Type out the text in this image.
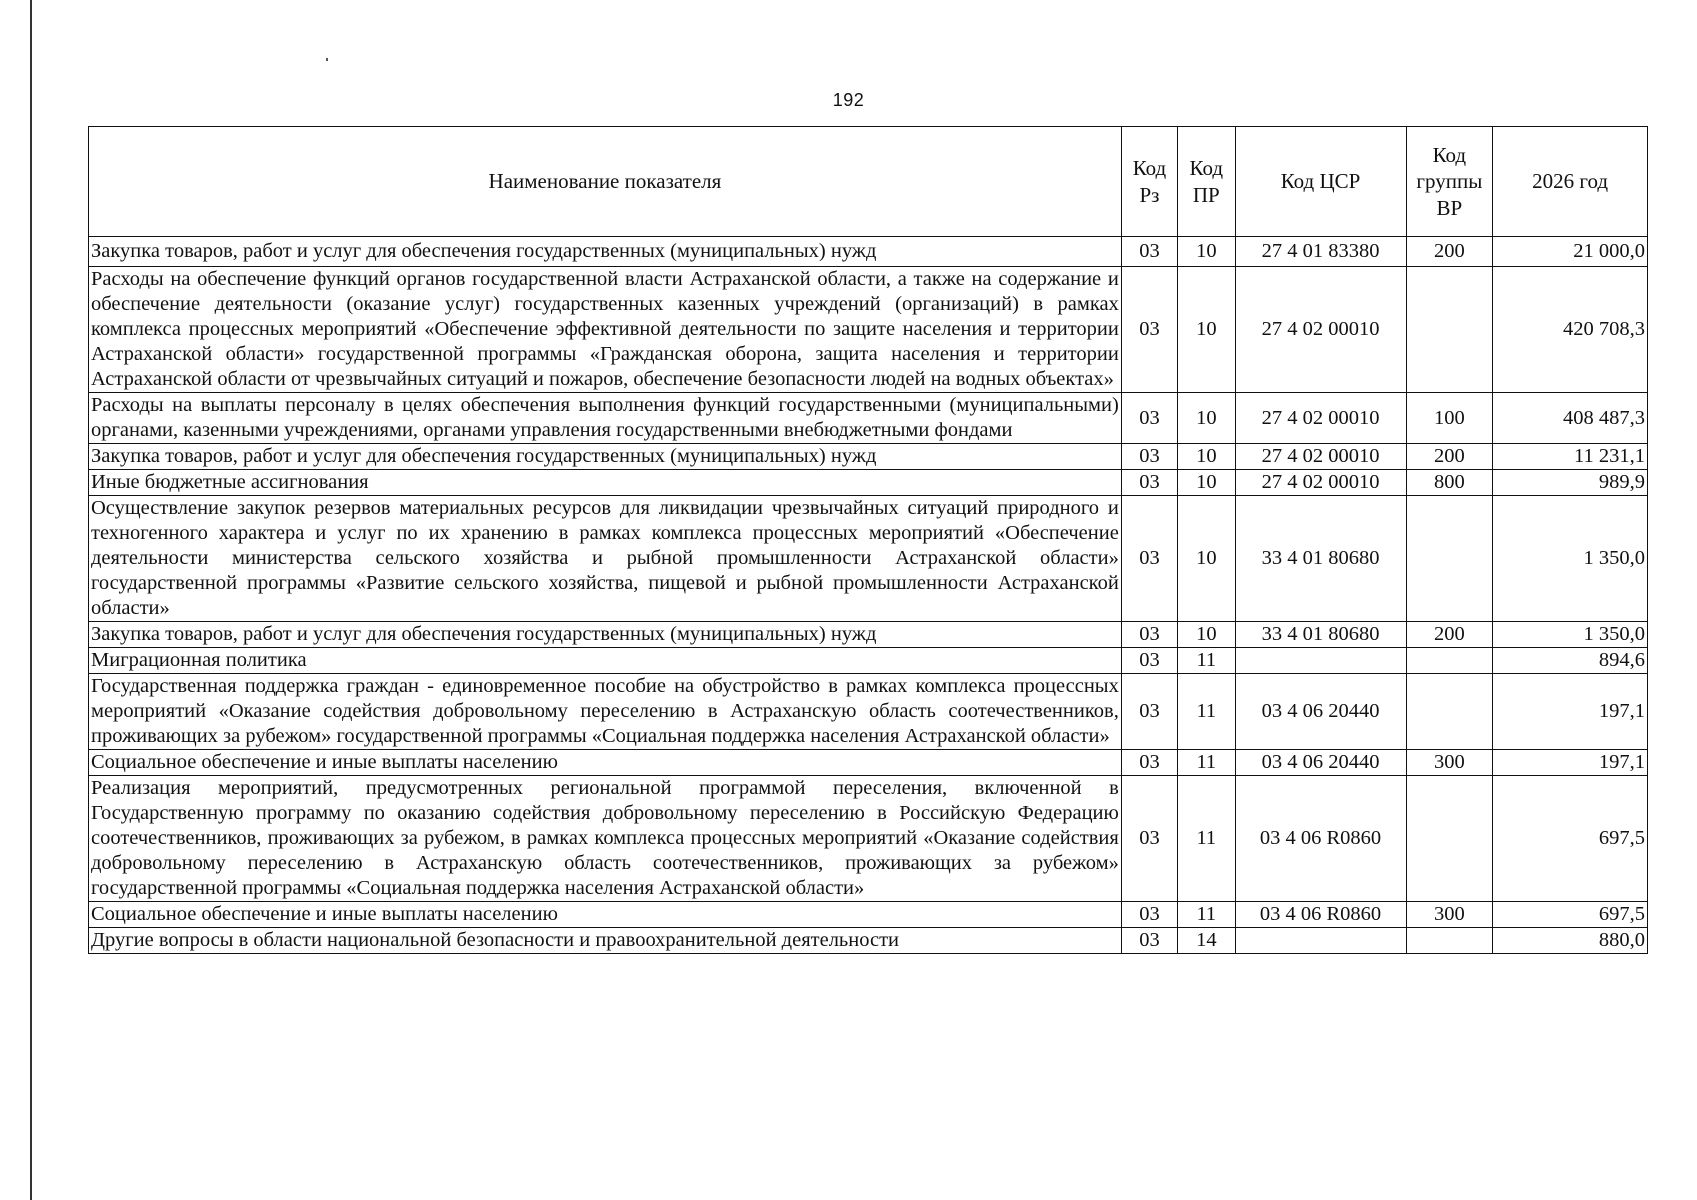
192
Наименование показателя	Код Рз	Код ПР	Код ЦСР	Код группы ВР	2026 год
Закупка товаров, работ и услуг для обеспечения государственных (муниципальных) нужд	03	10	27 4 01 83380	200	21 000,0
Расходы на обеспечение функций органов государственной власти Астраханской области, а также на содержание и обеспечение деятельности (оказание услуг) государственных казенных учреждений (организаций) в рамках комплекса процессных мероприятий «Обеспечение эффективной деятельности по защите населения и территории Астраханской области» государственной программы «Гражданская оборона, защита населения и территории Астраханской области от чрезвычайных ситуаций и пожаров, обеспечение безопасности людей на водных объектах»	03	10	27 4 02 00010		420 708,3
Расходы на выплаты персоналу в целях обеспечения выполнения функций государственными (муниципальными) органами, казенными учреждениями, органами управления государственными внебюджетными фондами	03	10	27 4 02 00010	100	408 487,3
Закупка товаров, работ и услуг для обеспечения государственных (муниципальных) нужд	03	10	27 4 02 00010	200	11 231,1
Иные бюджетные ассигнования	03	10	27 4 02 00010	800	989,9
Осуществление закупок резервов материальных ресурсов для ликвидации чрезвычайных ситуаций природного и техногенного характера и услуг по их хранению в рамках комплекса процессных мероприятий «Обеспечение деятельности министерства сельского хозяйства и рыбной промышленности Астраханской области» государственной программы «Развитие сельского хозяйства, пищевой и рыбной промышленности Астраханской области»	03	10	33 4 01 80680		1 350,0
Закупка товаров, работ и услуг для обеспечения государственных (муниципальных) нужд	03	10	33 4 01 80680	200	1 350,0
Миграционная политика	03	11			894,6
Государственная поддержка граждан - единовременное пособие на обустройство в рамках комплекса процессных мероприятий «Оказание содействия добровольному переселению в Астраханскую область соотечественников, проживающих за рубежом» государственной программы «Социальная поддержка населения Астраханской области»	03	11	03 4 06 20440		197,1
Социальное обеспечение и иные выплаты населению	03	11	03 4 06 20440	300	197,1
Реализация мероприятий, предусмотренных региональной программой переселения, включенной в Государственную программу по оказанию содействия добровольному переселению в Российскую Федерацию соотечественников, проживающих за рубежом, в рамках комплекса процессных мероприятий «Оказание содействия добровольному переселению в Астраханскую область соотечественников, проживающих за рубежом» государственной программы «Социальная поддержка населения Астраханской области»	03	11	03 4 06 R0860		697,5
Социальное обеспечение и иные выплаты населению	03	11	03 4 06 R0860	300	697,5
Другие вопросы в области национальной безопасности и правоохранительной деятельности	03	14			880,0
